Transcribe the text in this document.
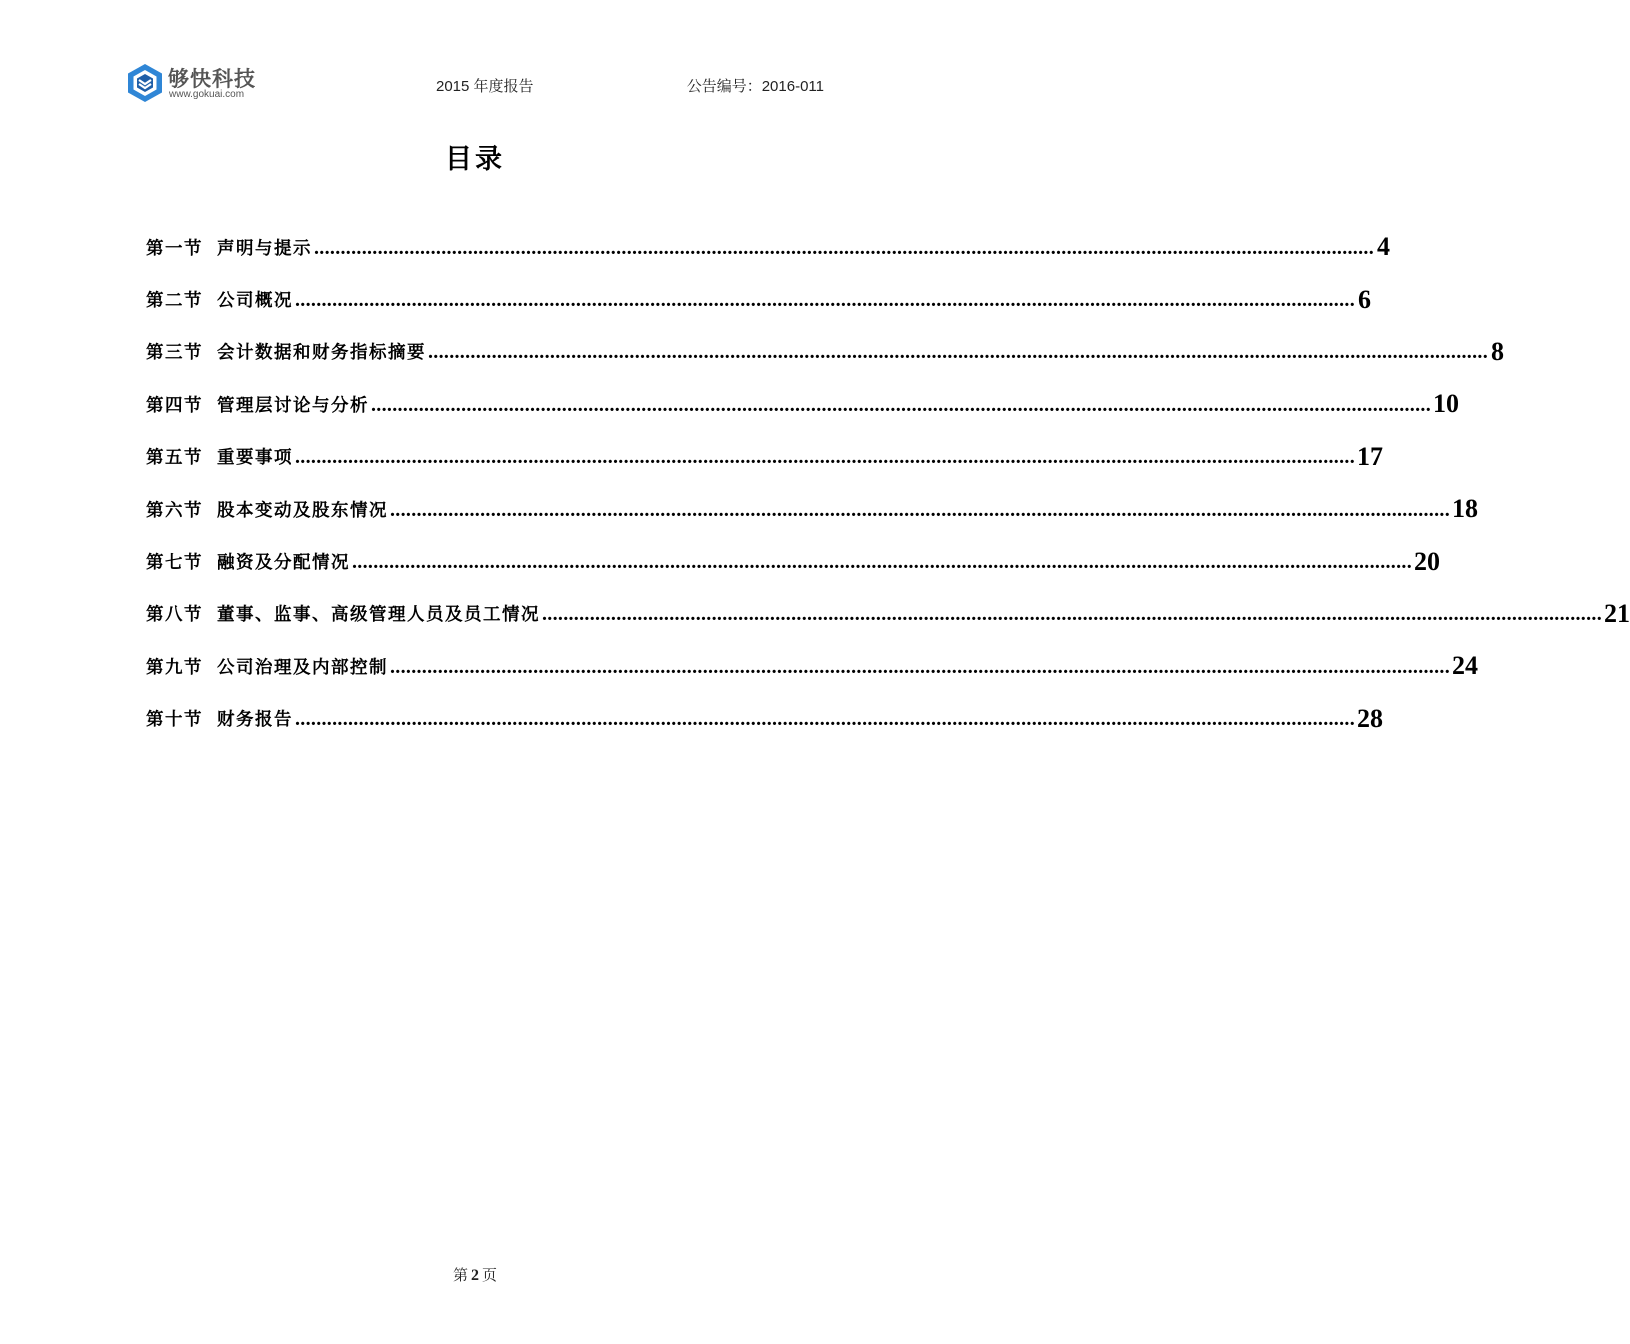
够快科技
www.gokuai.com	2015 年度报告	公告编号：2016-011
目录
第一节 声明与提示 ........................................................................................................................................................................................................ 4
第二节 公司概况 ........................................................................................................................................................................................................ 6
第三节 会计数据和财务指标摘要 ........................................................................................................................................................................................................ 8
第四节 管理层讨论与分析 ........................................................................................................................................................................................................ 10
第五节 重要事项 ........................................................................................................................................................................................................ 17
第六节 股本变动及股东情况 ........................................................................................................................................................................................................ 18
第七节 融资及分配情况 ........................................................................................................................................................................................................ 20
第八节 董事、监事、高级管理人员及员工情况 ........................................................................................................................................................................................................ 21
第九节 公司治理及内部控制 ........................................................................................................................................................................................................ 24
第十节 财务报告 ........................................................................................................................................................................................................ 28
第 2 页
